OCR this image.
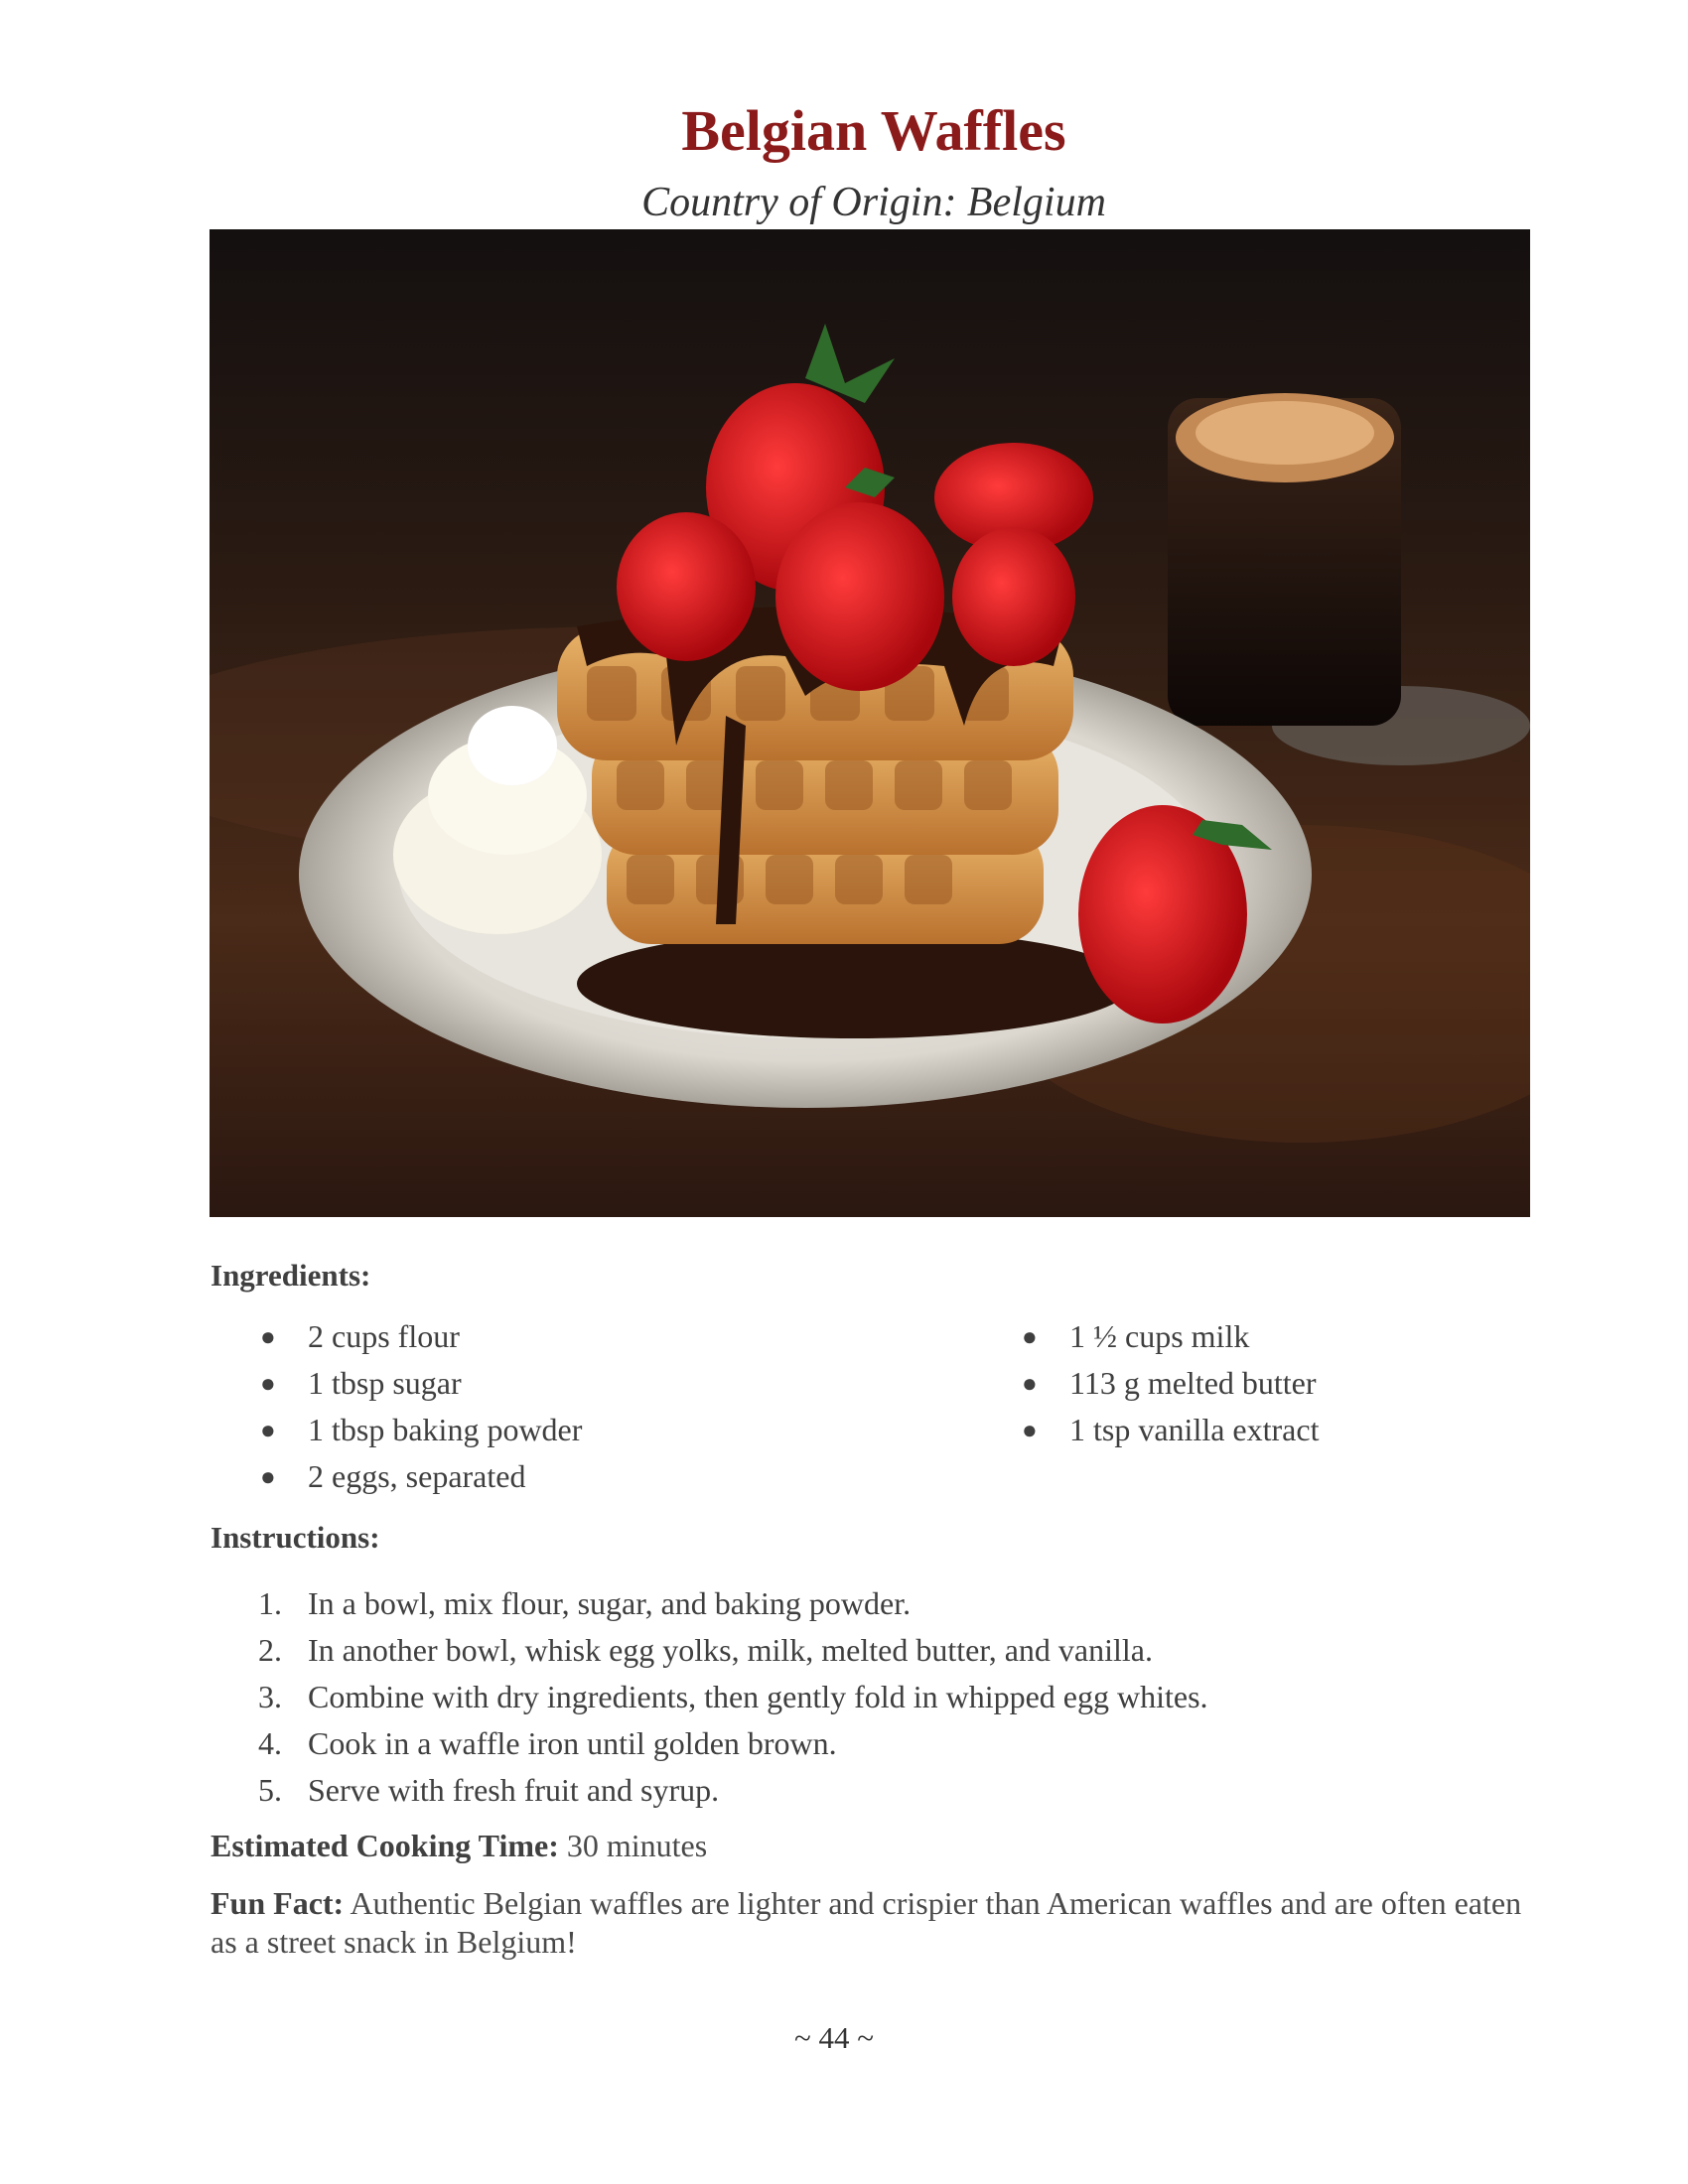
Belgian Waffles
Country of Origin: Belgium
Ingredients:
● 2 cups flour
● 1 tbsp sugar
● 1 tbsp baking powder
● 2 eggs, separated
● 1 ½ cups milk
● 113 g melted butter
● 1 tsp vanilla extract
Instructions:
1. In a bowl, mix flour, sugar, and baking powder.
2. In another bowl, whisk egg yolks, milk, melted butter, and vanilla.
3. Combine with dry ingredients, then gently fold in whipped egg whites.
4. Cook in a waffle iron until golden brown.
5. Serve with fresh fruit and syrup.
Estimated Cooking Time: 30 minutes
Fun Fact: Authentic Belgian waffles are lighter and crispier than American waffles and are often eaten as a street snack in Belgium!
~ 44 ~
